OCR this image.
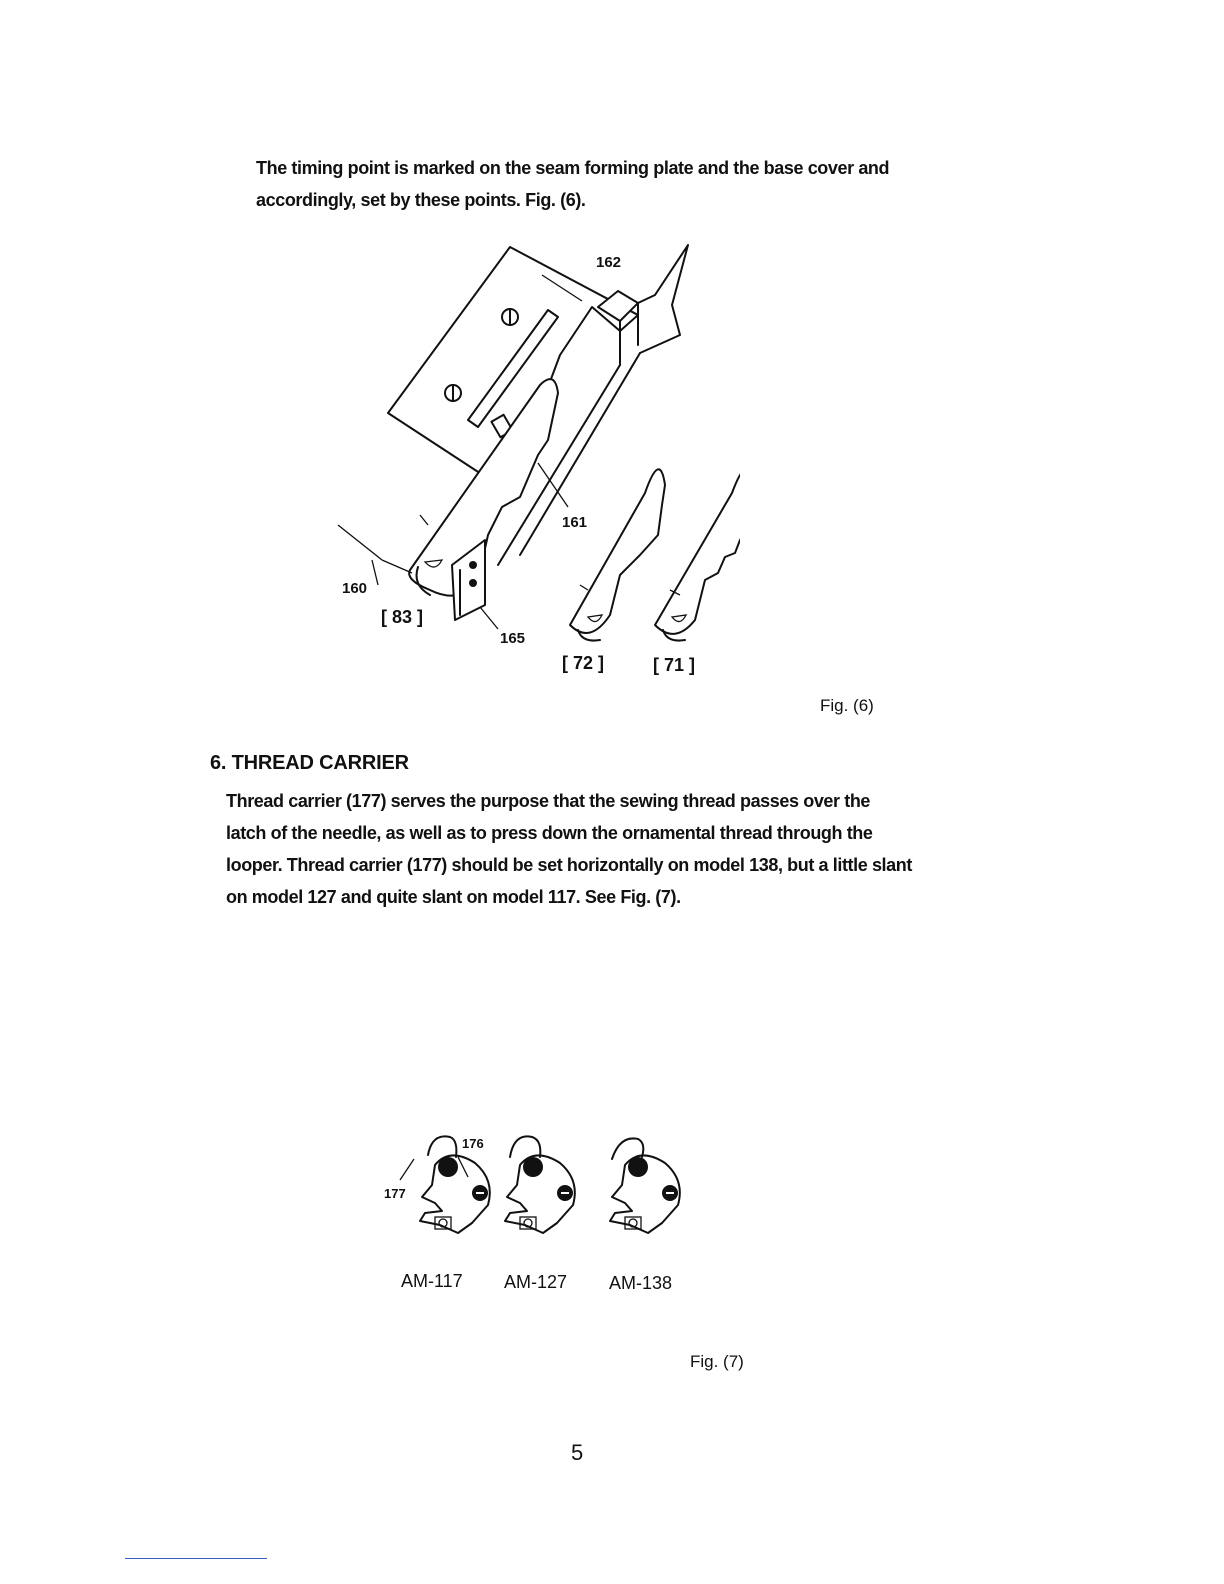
The timing point is marked on the seam forming plate and the base cover and
accordingly, set by these points. Fig. (6).
162
161
160
165
[ 83 ]
[ 72 ]	[ 71 ]
Fig. (6)
6. THREAD CARRIER
Thread carrier (177) serves the purpose that the sewing thread passes over the
latch of the needle, as well as to press down the ornamental thread through the
looper. Thread carrier (177) should be set horizontally on model 138, but a little slant
on model 127 and quite slant on model 117. See Fig. (7).
176
177
AM-117 AM-127 AM-138
Fig. (7)
5
